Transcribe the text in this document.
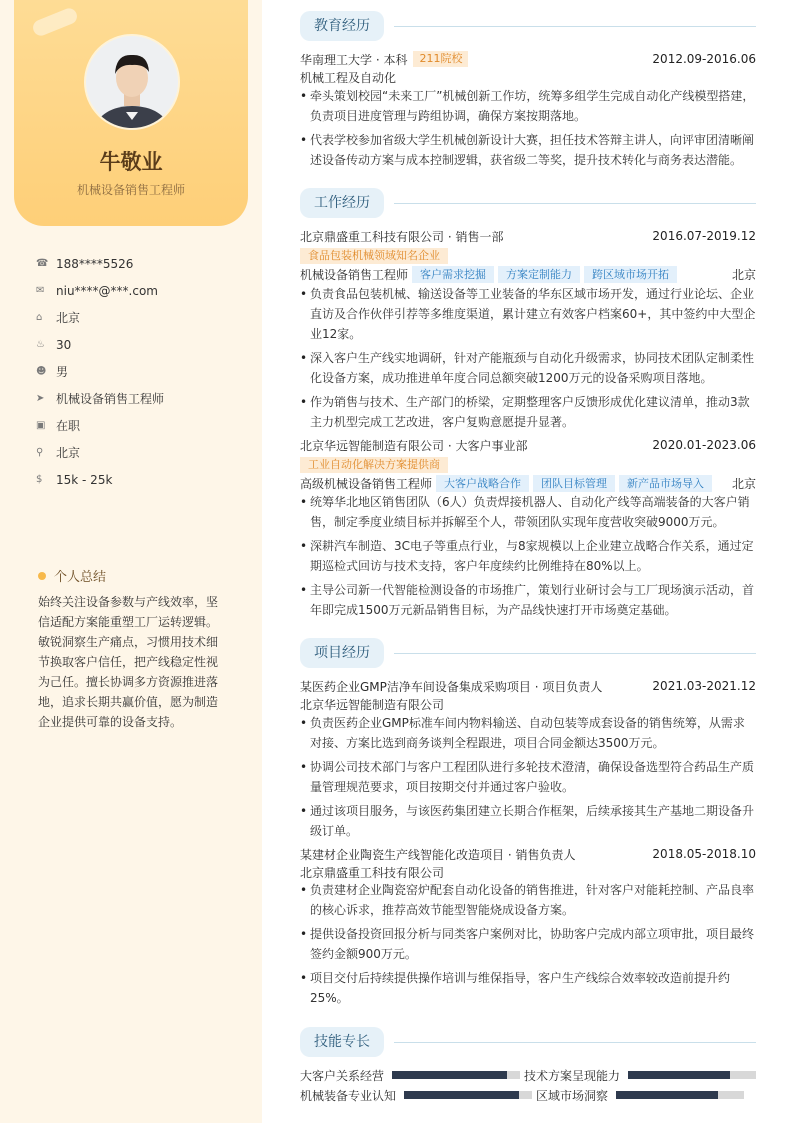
牛敬业
机械设备销售工程师
☎ 188****5526
✉ niu****@***.com
⌂	北京
♨ 30
☻ 男
➤ 机械设备销售工程师
▣ 在职
⚲	北京
$	15k - 25k
个人总结
始终关注设备参数与产线效率，坚信适配方案能重塑工厂运转逻辑。敏锐洞察生产痛点，习惯用技术细节换取客户信任，把产线稳定性视为己任。擅长协调多方资源推进落地，追求长期共赢价值，愿为制造企业提供可靠的设备支持。
教育经历
华南理工大学 · 本科	211院校	2012.09-2016.06
机械工程及自动化
• 牵头策划校园“未来工厂”机械创新工作坊，统筹多组学生完成自动化产线模型搭建，负责项目进度管理与跨组协调，确保方案按期落地。
• 代表学校参加省级大学生机械创新设计大赛，担任技术答辩主讲人，向评审团清晰阐述设备传动方案与成本控制逻辑，获省级二等奖，提升技术转化与商务表达潜能。
工作经历
北京鼎盛重工科技有限公司 · 销售一部	2016.07-2019.12
食品包装机械领域知名企业
机械设备销售工程师	客户需求挖掘	方案定制能力	跨区域市场开拓	北京
• 负责食品包装机械、输送设备等工业装备的华东区域市场开发，通过行业论坛、企业直访及合作伙伴引荐等多维度渠道，累计建立有效客户档案60+，其中签约中大型企业12家。
• 深入客户生产线实地调研，针对产能瓶颈与自动化升级需求，协同技术团队定制柔性化设备方案，成功推进单年度合同总额突破1200万元的设备采购项目落地。
• 作为销售与技术、生产部门的桥梁，定期整理客户反馈形成优化建议清单，推动3款主力机型完成工艺改进，客户复购意愿提升显著。
北京华远智能制造有限公司 · 大客户事业部	2020.01-2023.06
工业自动化解决方案提供商
高级机械设备销售工程师	大客户战略合作	团队目标管理	新产品市场导入	北京
• 统筹华北地区销售团队（6人）负责焊接机器人、自动化产线等高端装备的大客户销售，制定季度业绩目标并拆解至个人，带领团队实现年度营收突破9000万元。
• 深耕汽车制造、3C电子等重点行业，与8家规模以上企业建立战略合作关系，通过定期巡检式回访与技术支持，客户年度续约比例维持在80%以上。
• 主导公司新一代智能检测设备的市场推广，策划行业研讨会与工厂现场演示活动，首年即完成1500万元新品销售目标，为产品线快速打开市场奠定基础。
项目经历
某医药企业GMP洁净车间设备集成采购项目 · 项目负责人	2021.03-2021.12
北京华远智能制造有限公司
• 负责医药企业GMP标准车间内物料输送、自动包装等成套设备的销售统筹，从需求对接、方案比选到商务谈判全程跟进，项目合同金额达3500万元。
• 协调公司技术部门与客户工程团队进行多轮技术澄清，确保设备选型符合药品生产质量管理规范要求，项目按期交付并通过客户验收。
• 通过该项目服务，与该医药集团建立长期合作框架，后续承接其生产基地二期设备升级订单。
某建材企业陶瓷生产线智能化改造项目 · 销售负责人	2018.05-2018.10
北京鼎盛重工科技有限公司
• 负责建材企业陶瓷窑炉配套自动化设备的销售推进，针对客户对能耗控制、产品良率的核心诉求，推荐高效节能型智能烧成设备方案。
• 提供设备投资回报分析与同类客户案例对比，协助客户完成内部立项审批，项目最终签约金额900万元。
• 项目交付后持续提供操作培训与维保指导，客户生产线综合效率较改造前提升约25%。
技能专长
大客户关系经营	技术方案呈现能力
机械装备专业认知	区域市场洞察
